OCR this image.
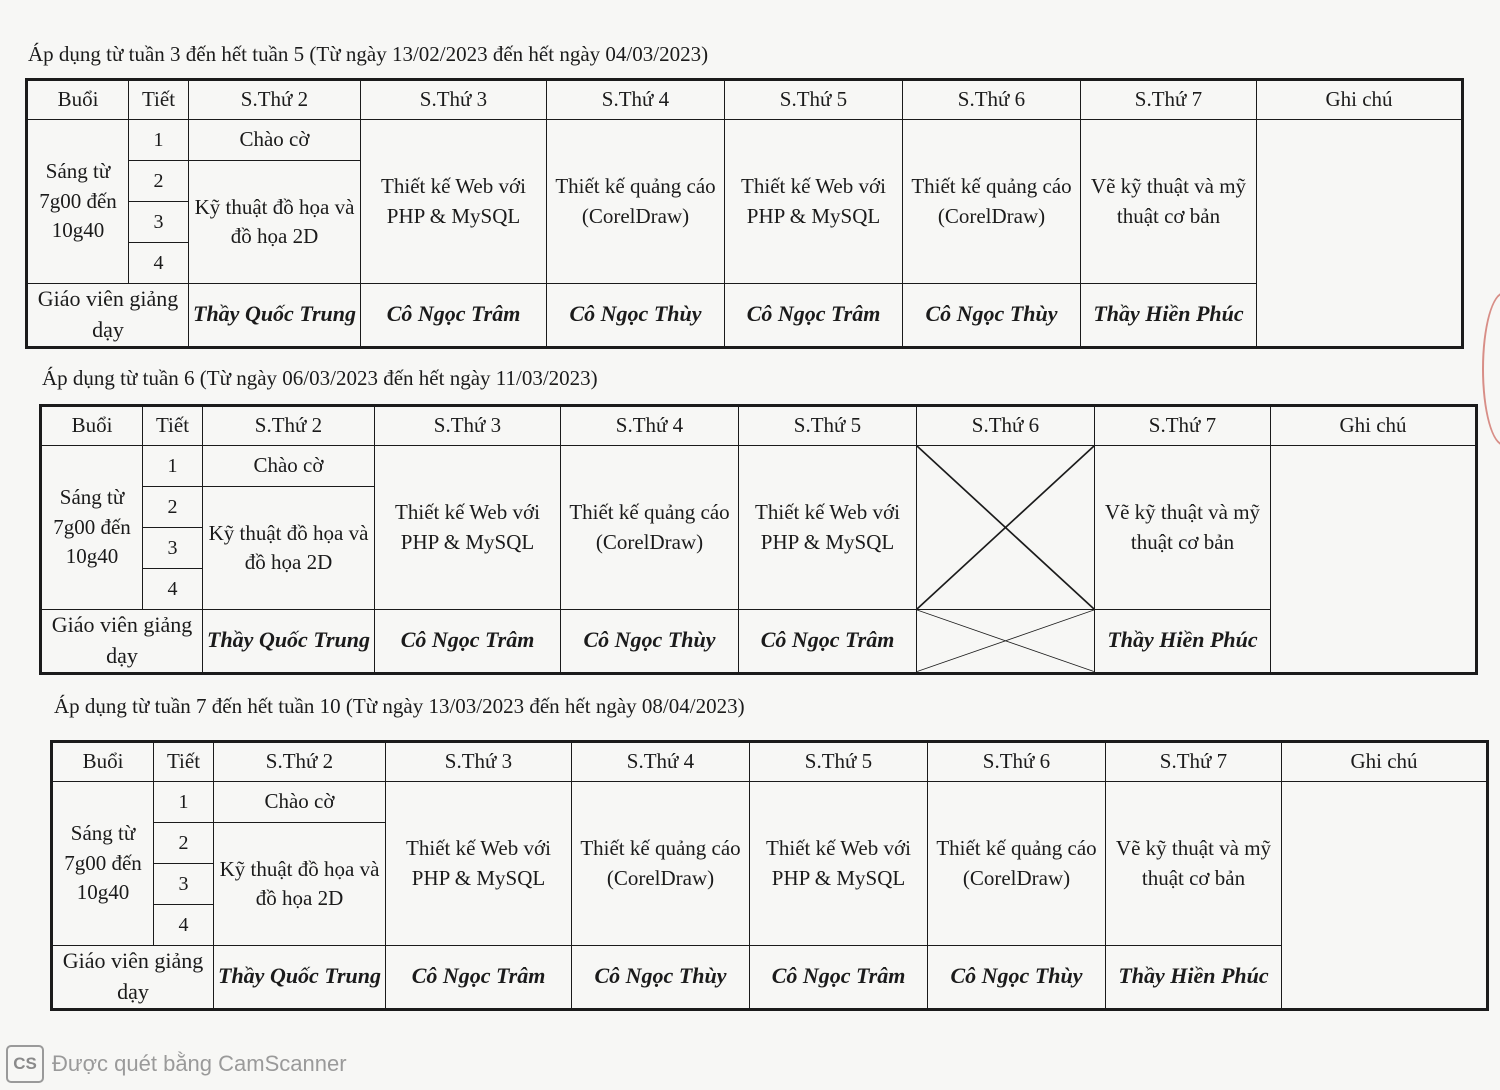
Áp dụng từ tuần 3 đến hết tuần 5 (Từ ngày 13/02/2023 đến hết ngày 04/03/2023)
Áp dụng từ tuần 6 (Từ ngày 06/03/2023 đến hết ngày 11/03/2023)
Áp dụng từ tuần 7 đến hết tuần 10 (Từ ngày 13/03/2023 đến hết ngày 08/04/2023)
Buổi	Tiết	S.Thứ 2	S.Thứ 3	S.Thứ 4	S.Thứ 5	S.Thứ 6	S.Thứ 7	Ghi chú
Sáng từ 7g00 đến 10g40	1	Chào cờ	Thiết kế Web với PHP & MySQL	Thiết kế quảng cáo (CorelDraw)	Thiết kế Web với PHP & MySQL	Thiết kế quảng cáo (CorelDraw)	Vẽ kỹ thuật và mỹ thuật cơ bản	
	2	Kỹ thuật đồ họa và đồ họa 2D						
	3							
	4							
Giáo viên giảng dạy		Thầy Quốc Trung	Cô Ngọc Trâm	Cô Ngọc Thùy	Cô Ngọc Trâm	Cô Ngọc Thùy	Thầy Hiền Phúc	
Buổi	Tiết	S.Thứ 2	S.Thứ 3	S.Thứ 4	S.Thứ 5	S.Thứ 6	S.Thứ 7	Ghi chú
Sáng từ 7g00 đến 10g40	1	Chào cờ	Thiết kế Web với PHP & MySQL	Thiết kế quảng cáo (CorelDraw)	Thiết kế Web với PHP & MySQL		Vẽ kỹ thuật và mỹ thuật cơ bản	
	2	Kỹ thuật đồ họa và đồ họa 2D						
	3							
	4							
Giáo viên giảng dạy		Thầy Quốc Trung	Cô Ngọc Trâm	Cô Ngọc Thùy	Cô Ngọc Trâm		Thầy Hiền Phúc	
Buổi	Tiết	S.Thứ 2	S.Thứ 3	S.Thứ 4	S.Thứ 5	S.Thứ 6	S.Thứ 7	Ghi chú
Sáng từ 7g00 đến 10g40	1	Chào cờ	Thiết kế Web với PHP & MySQL	Thiết kế quảng cáo (CorelDraw)	Thiết kế Web với PHP & MySQL	Thiết kế quảng cáo (CorelDraw)	Vẽ kỹ thuật và mỹ thuật cơ bản	
	2	Kỹ thuật đồ họa và đồ họa 2D						
	3							
	4							
Giáo viên giảng dạy		Thầy Quốc Trung	Cô Ngọc Trâm	Cô Ngọc Thùy	Cô Ngọc Trâm	Cô Ngọc Thùy	Thầy Hiền Phúc	
CS Được quét bằng CamScanner
